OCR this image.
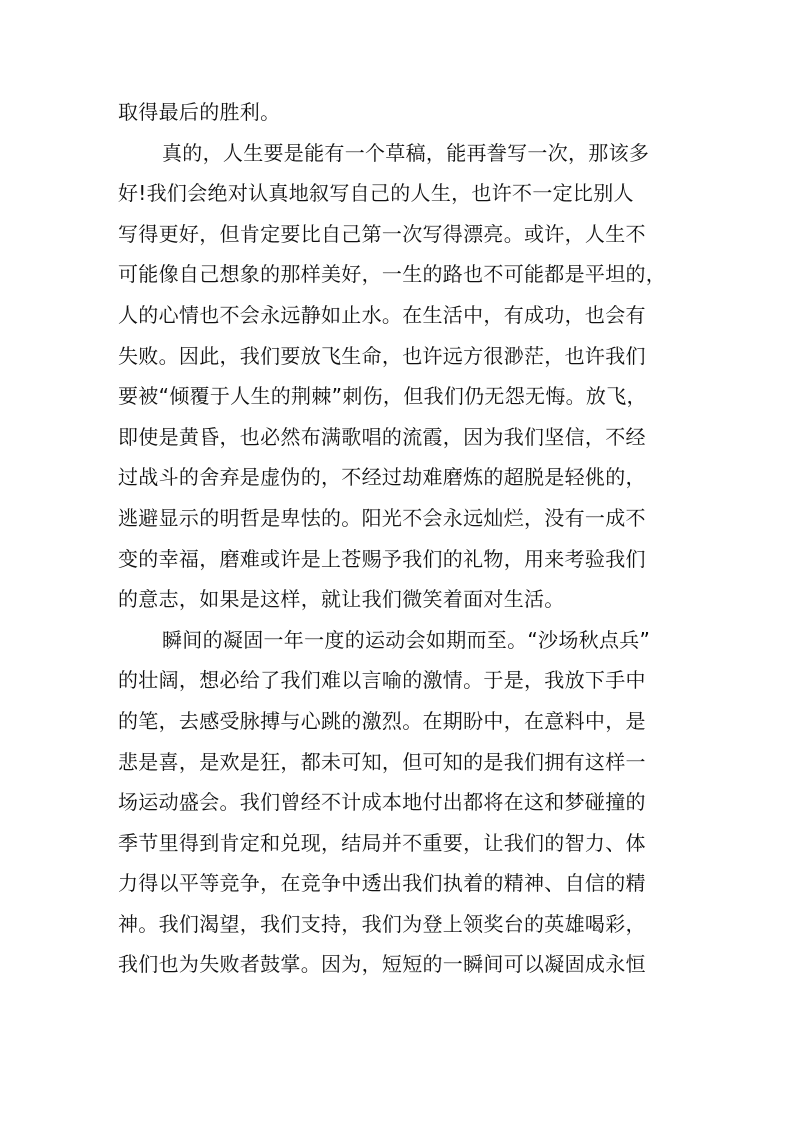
取得最后的胜利。
真的，人生要是能有一个草稿，能再誊写一次，那该多
好!我们会绝对认真地叙写自己的人生，也许不一定比别人
写得更好，但肯定要比自己第一次写得漂亮。或许，人生不
可能像自己想象的那样美好，一生的路也不可能都是平坦的，
人的心情也不会永远静如止水。在生活中，有成功，也会有
失败。因此，我们要放飞生命，也许远方很渺茫，也许我们
要被“倾覆于人生的荆棘”刺伤，但我们仍无怨无悔。放飞，
即使是黄昏，也必然布满歌唱的流霞，因为我们坚信，不经
过战斗的舍弃是虚伪的，不经过劫难磨炼的超脱是轻佻的，
逃避显示的明哲是卑怯的。阳光不会永远灿烂，没有一成不
变的幸福，磨难或许是上苍赐予我们的礼物，用来考验我们
的意志，如果是这样，就让我们微笑着面对生活。
瞬间的凝固一年一度的运动会如期而至。“沙场秋点兵”
的壮阔，想必给了我们难以言喻的激情。于是，我放下手中
的笔，去感受脉搏与心跳的激烈。在期盼中，在意料中，是
悲是喜，是欢是狂，都未可知，但可知的是我们拥有这样一
场运动盛会。我们曾经不计成本地付出都将在这和梦碰撞的
季节里得到肯定和兑现，结局并不重要，让我们的智力、体
力得以平等竞争，在竞争中透出我们执着的精神、自信的精
神。我们渴望，我们支持，我们为登上领奖台的英雄喝彩，
我们也为失败者鼓掌。因为，短短的一瞬间可以凝固成永恒
